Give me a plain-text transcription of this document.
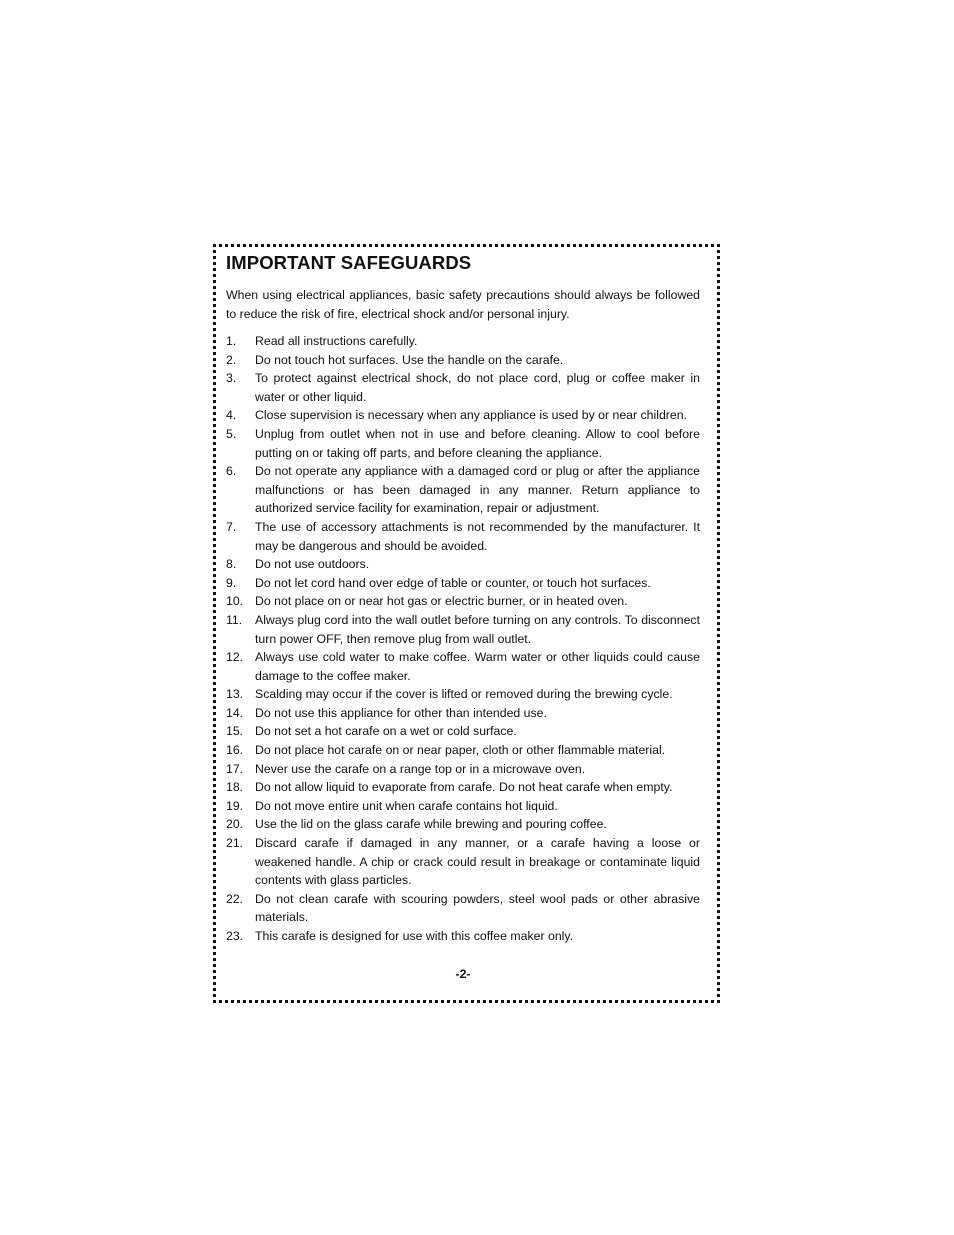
IMPORTANT SAFEGUARDS

When using electrical appliances, basic safety precautions should always be followed to reduce the risk of fire, electrical shock and/or personal injury.

1.	Read all instructions carefully.
2.	Do not touch hot surfaces. Use the handle on the carafe.
3.	To protect against electrical shock, do not place cord, plug or coffee maker in water or other liquid.
4.	Close supervision is necessary when any appliance is used by or near children.
5.	Unplug from outlet when not in use and before cleaning. Allow to cool before putting on or taking off parts, and before cleaning the appliance.
6.	Do not operate any appliance with a damaged cord or plug or after the appliance malfunctions or has been damaged in any manner. Return appliance to authorized service facility for examination, repair or adjustment.
7.	The use of accessory attachments is not recommended by the manufacturer. It may be dangerous and should be avoided.
8.	Do not use outdoors.
9.	Do not let cord hand over edge of table or counter, or touch hot surfaces.
10. Do not place on or near hot gas or electric burner, or in heated oven.
11.	Always plug cord into the wall outlet before turning on any controls. To disconnect turn power OFF, then remove plug from wall outlet.
12. Always use cold water to make coffee. Warm water or other liquids could cause damage to the coffee maker.
13. Scalding may occur if the cover is lifted or removed during the brewing cycle.
14. Do not use this appliance for other than intended use.
15. Do not set a hot carafe on a wet or cold surface.
16. Do not place hot carafe on or near paper, cloth or other flammable material.
17. Never use the carafe on a range top or in a microwave oven.
18. Do not allow liquid to evaporate from carafe. Do not heat carafe when empty.
19. Do not move entire unit when carafe contains hot liquid.
20. Use the lid on the glass carafe while brewing and pouring coffee.
21. Discard carafe if damaged in any manner, or a carafe having a loose or weakened handle. A chip or crack could result in breakage or contaminate liquid contents with glass particles.
22. Do not clean carafe with scouring powders, steel wool pads or other abrasive materials.
23. This carafe is designed for use with this coffee maker only.
-2-
